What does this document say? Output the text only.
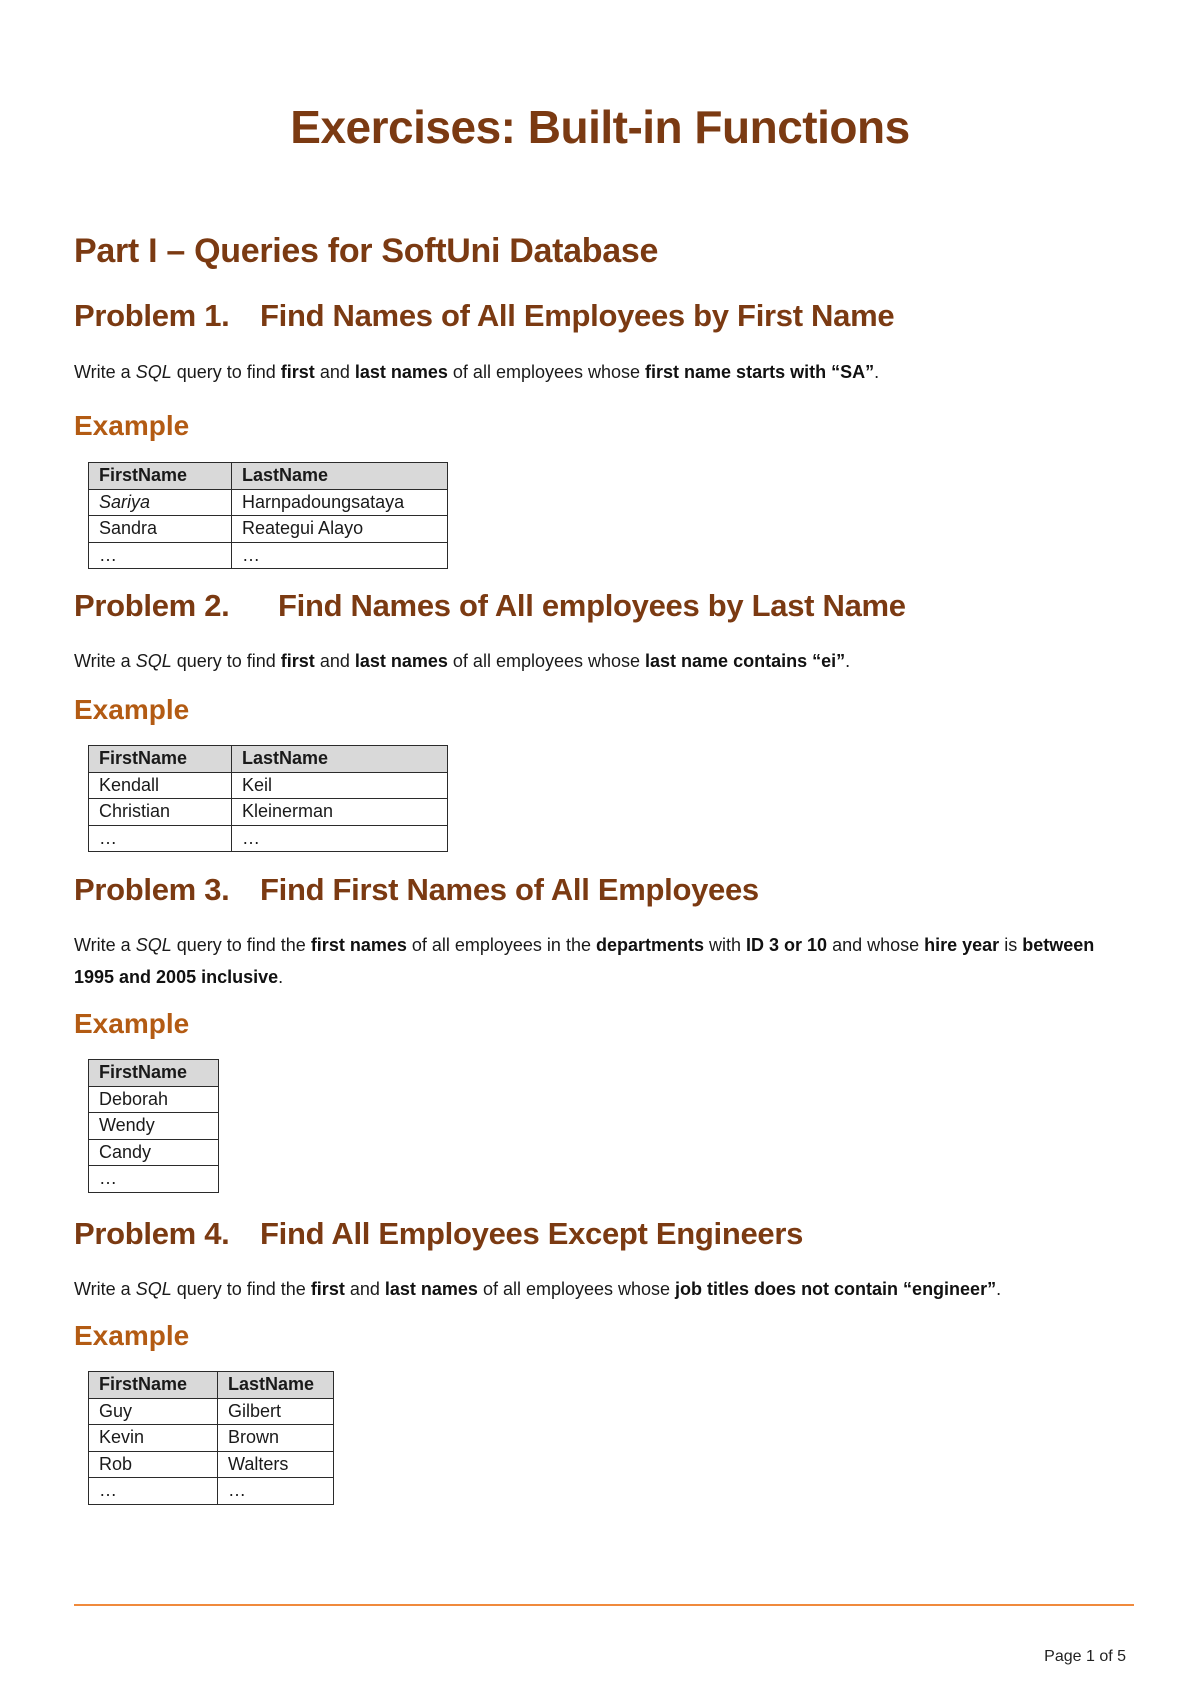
Exercises: Built-in Functions
Part I – Queries for SoftUni Database
Problem 1. Find Names of All Employees by First Name
Write a SQL query to find first and last names of all employees whose first name starts with “SA”.
Example
FirstName	LastName
Sariya	Harnpadoungsataya
Sandra	Reategui Alayo
…	…
Problem 2. Find Names of All employees by Last Name
Write a SQL query to find first and last names of all employees whose last name contains “ei”.
Example
FirstName	LastName
Kendall	Keil
Christian	Kleinerman
…	…
Problem 3. Find First Names of All Employees
Write a SQL query to find the first names of all employees in the departments with ID 3 or 10 and whose hire year is between 1995 and 2005 inclusive.
Example
FirstName
Deborah
Wendy
Candy
…
Problem 4. Find All Employees Except Engineers
Write a SQL query to find the first and last names of all employees whose job titles does not contain “engineer”.
Example
FirstName	LastName
Guy	Gilbert
Kevin	Brown
Rob	Walters
…	…
Page 1 of 5
